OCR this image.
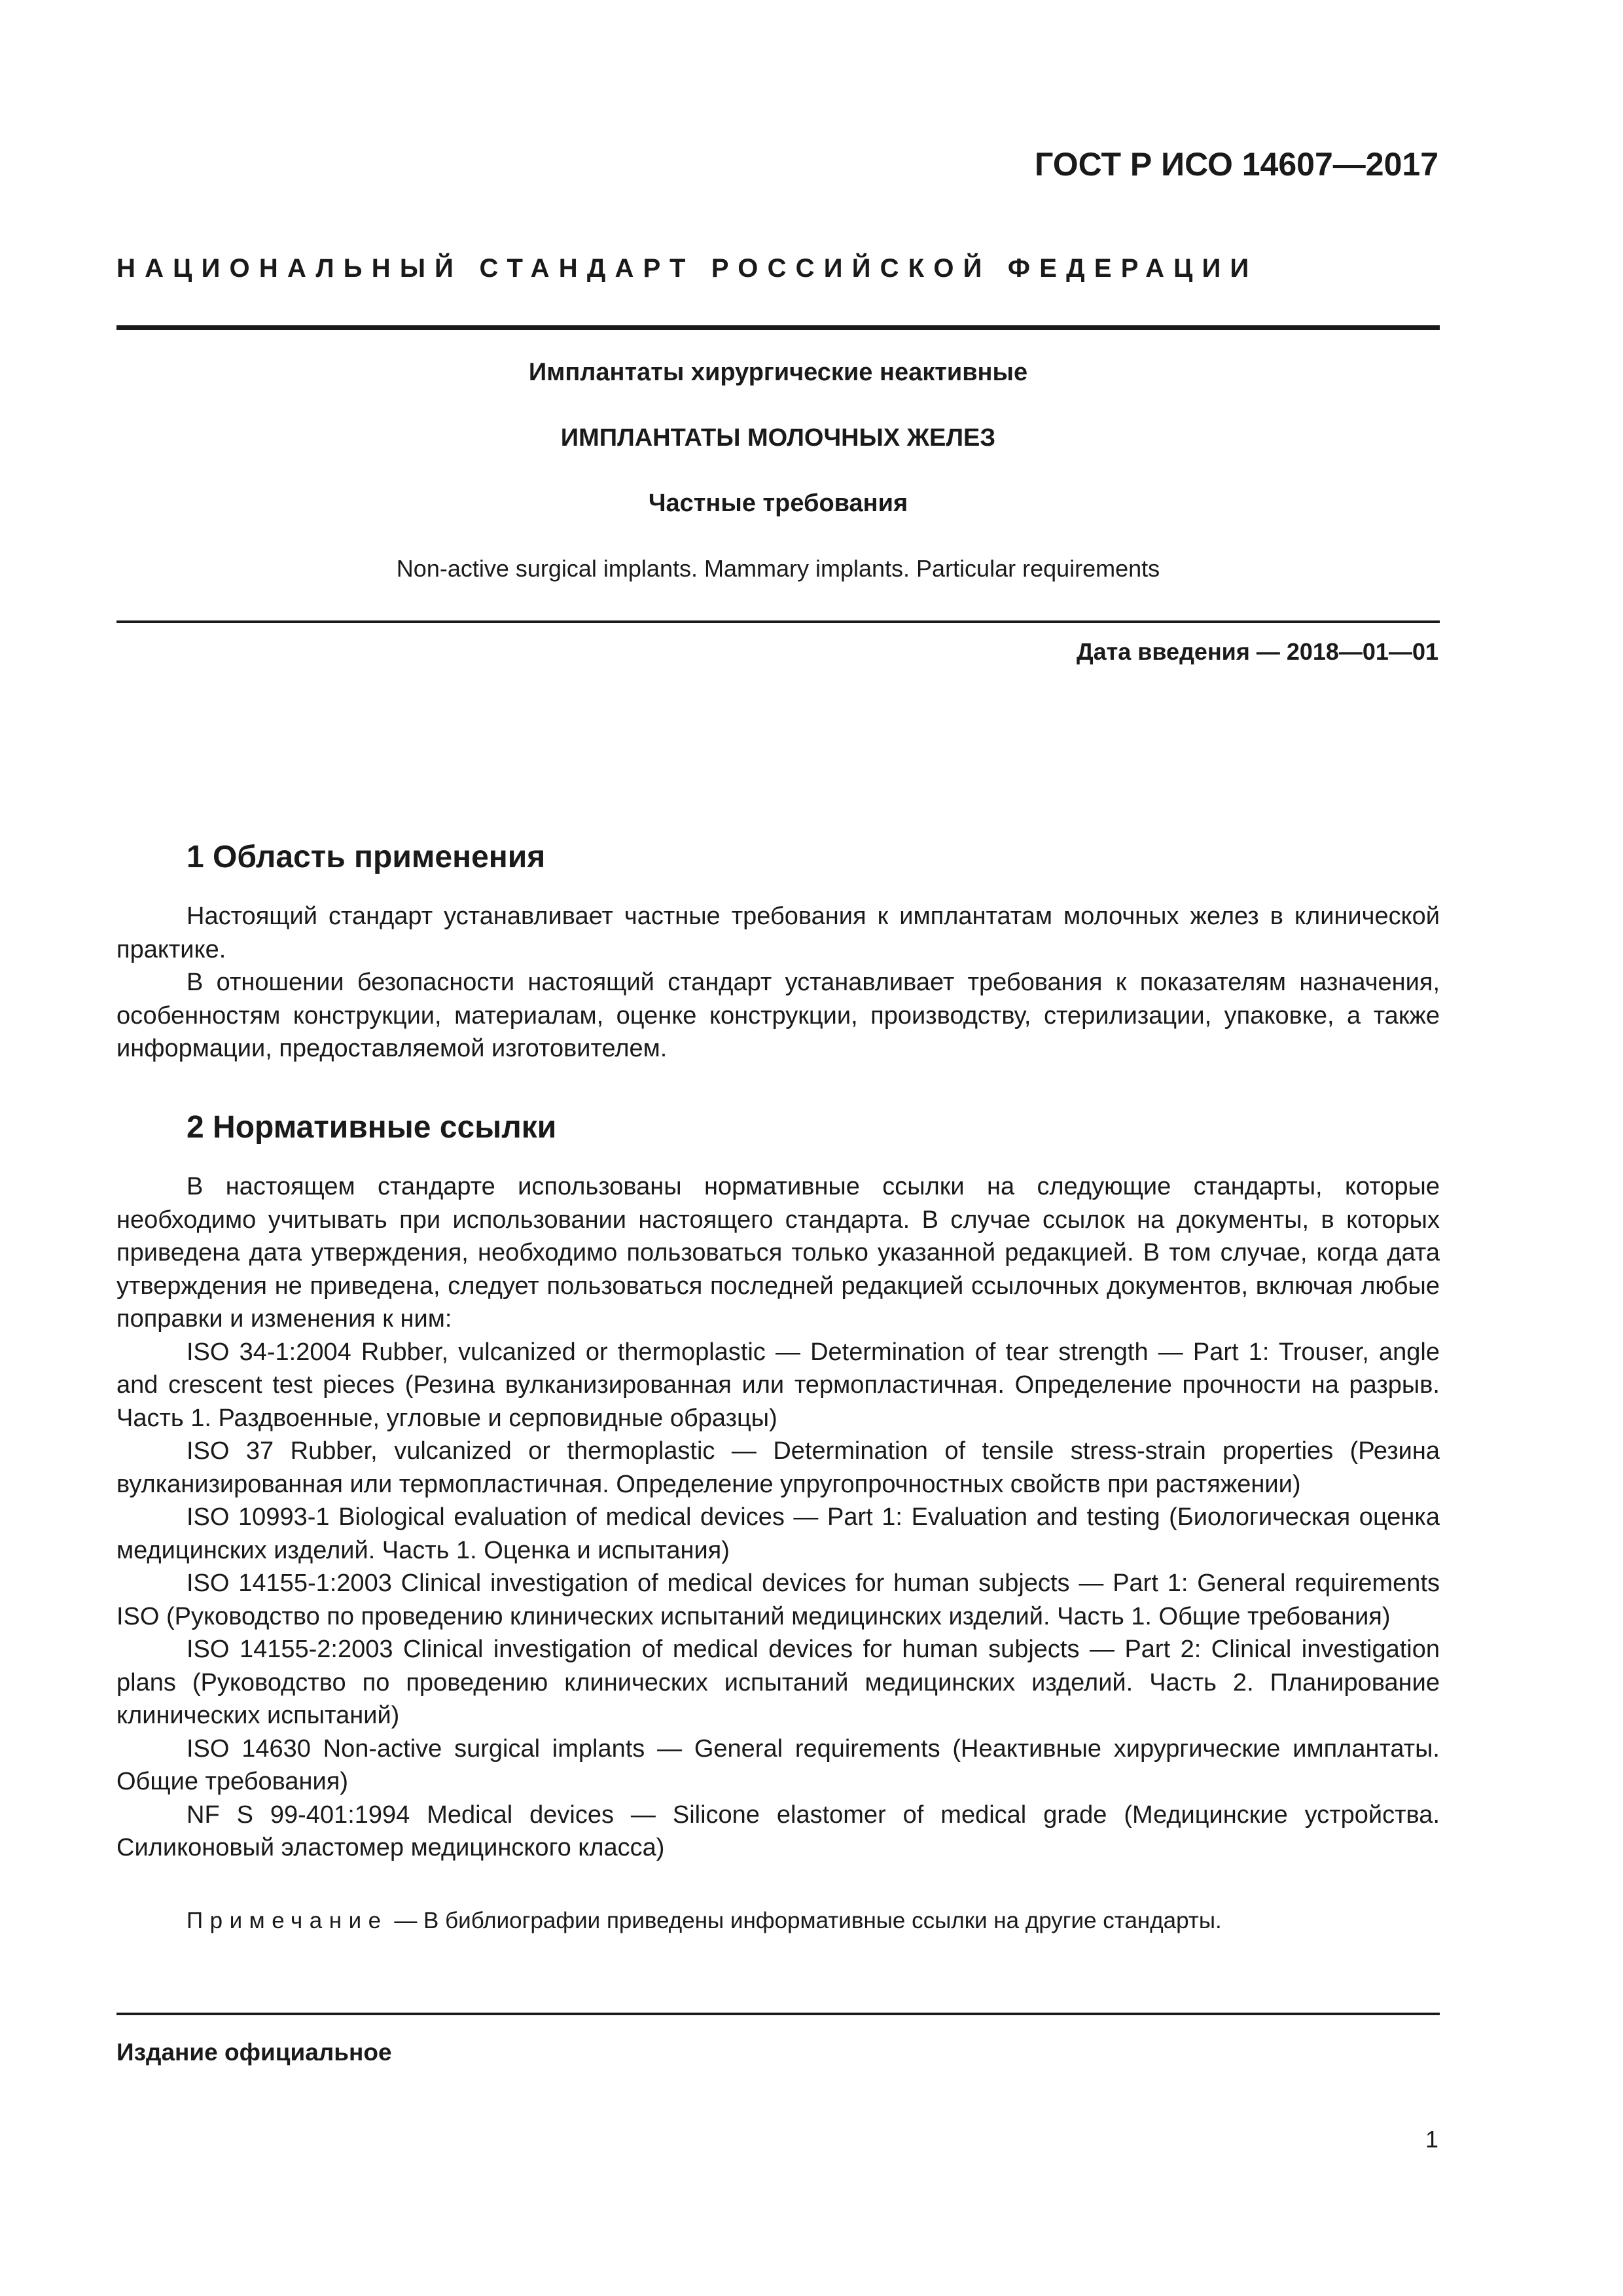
ГОСТ Р ИСО 14607—2017

НАЦИОНАЛЬНЫЙ СТАНДАРТ РОССИЙСКОЙ ФЕДЕРАЦИИ

Имплантаты хирургические неактивные

ИМПЛАНТАТЫ МОЛОЧНЫХ ЖЕЛЕЗ

Частные требования

Non-active surgical implants. Mammary implants. Particular requirements

Дата введения — 2018—01—01

1 Область применения

Настоящий стандарт устанавливает частные требования к имплантатам молочных желез в клинической практике.

В отношении безопасности настоящий стандарт устанавливает требования к показателям назначения, особенностям конструкции, материалам, оценке конструкции, производству, стерилизации, упаковке, а также информации, предоставляемой изготовителем.

2 Нормативные ссылки

В настоящем стандарте использованы нормативные ссылки на следующие стандарты, которые необходимо учитывать при использовании настоящего стандарта. В случае ссылок на документы, в которых приведена дата утверждения, необходимо пользоваться только указанной редакцией. В том случае, когда дата утверждения не приведена, следует пользоваться последней редакцией ссылочных документов, включая любые поправки и изменения к ним:

ISO 34-1:2004 Rubber, vulcanized or thermoplastic — Determination of tear strength — Part 1: Trouser, angle and crescent test pieces (Резина вулканизированная или термопластичная. Определение прочности на разрыв. Часть 1. Раздвоенные, угловые и серповидные образцы)

ISO 37 Rubber, vulcanized or thermoplastic — Determination of tensile stress-strain properties (Резина вулканизированная или термопластичная. Определение упругопрочностных свойств при растяжении)

ISO 10993-1 Biological evaluation of medical devices — Part 1: Evaluation and testing (Биологическая оценка медицинских изделий. Часть 1. Оценка и испытания)

ISO 14155-1:2003 Clinical investigation of medical devices for human subjects — Part 1: General requirements ISO (Руководство по проведению клинических испытаний медицинских изделий. Часть 1. Общие требования)

ISO 14155-2:2003 Clinical investigation of medical devices for human subjects — Part 2: Clinical investigation plans (Руководство по проведению клинических испытаний медицинских изделий. Часть 2. Планирование клинических испытаний)

ISO 14630 Non-active surgical implants — General requirements (Неактивные хирургические имплантаты. Общие требования)

NF S 99-401:1994 Medical devices — Silicone elastomer of medical grade (Медицинские устройства. Силиконовый эластомер медицинского класса)

Примечание — В библиографии приведены информативные ссылки на другие стандарты.

Издание официальное

1
